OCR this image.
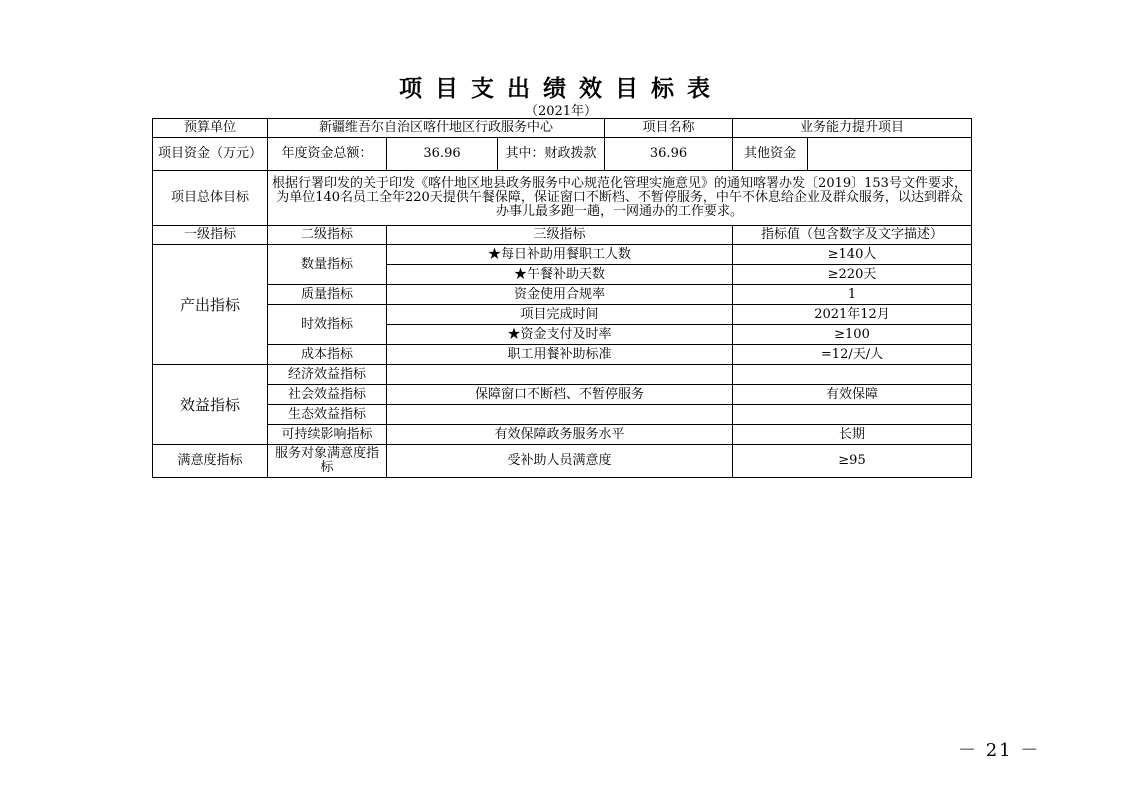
项目支出绩效目标表
（2021年）
预算单位	新疆维吾尔自治区喀什地区行政服务中心			项目名称	业务能力提升项目	
项目资金（万元）	年度资金总额：	36.96	其中：财政拨款	36.96	其他资金	
项目总体目标	根据行署印发的关于印发《喀什地区地县政务服务中心规范化管理实施意见》的通知喀署办发〔2019〕153号文件要求，为单位140名员工全年220天提供午餐保障，保证窗口不断档、不暂停服务，中午不休息给企业及群众服务，以达到群众办事儿最多跑一趟，一网通办的工作要求。					
一级指标	二级指标	三级指标			指标值（包含数字及文字描述）	
产出指标	数量指标	★每日补助用餐职工人数			≥140人	
		★午餐补助天数			≥220天	
	质量指标	资金使用合规率			1	
	时效指标	项目完成时间			2021年12月	
		★资金支付及时率			≥100	
	成本指标	职工用餐补助标准			=12/天/人	
效益指标	经济效益指标					
	社会效益指标	保障窗口不断档、不暂停服务			有效保障	
	生态效益指标					
	可持续影响指标	有效保障政务服务水平			长期	
满意度指标	服务对象满意度指标	受补助人员满意度			≥95	
－ 21 －
